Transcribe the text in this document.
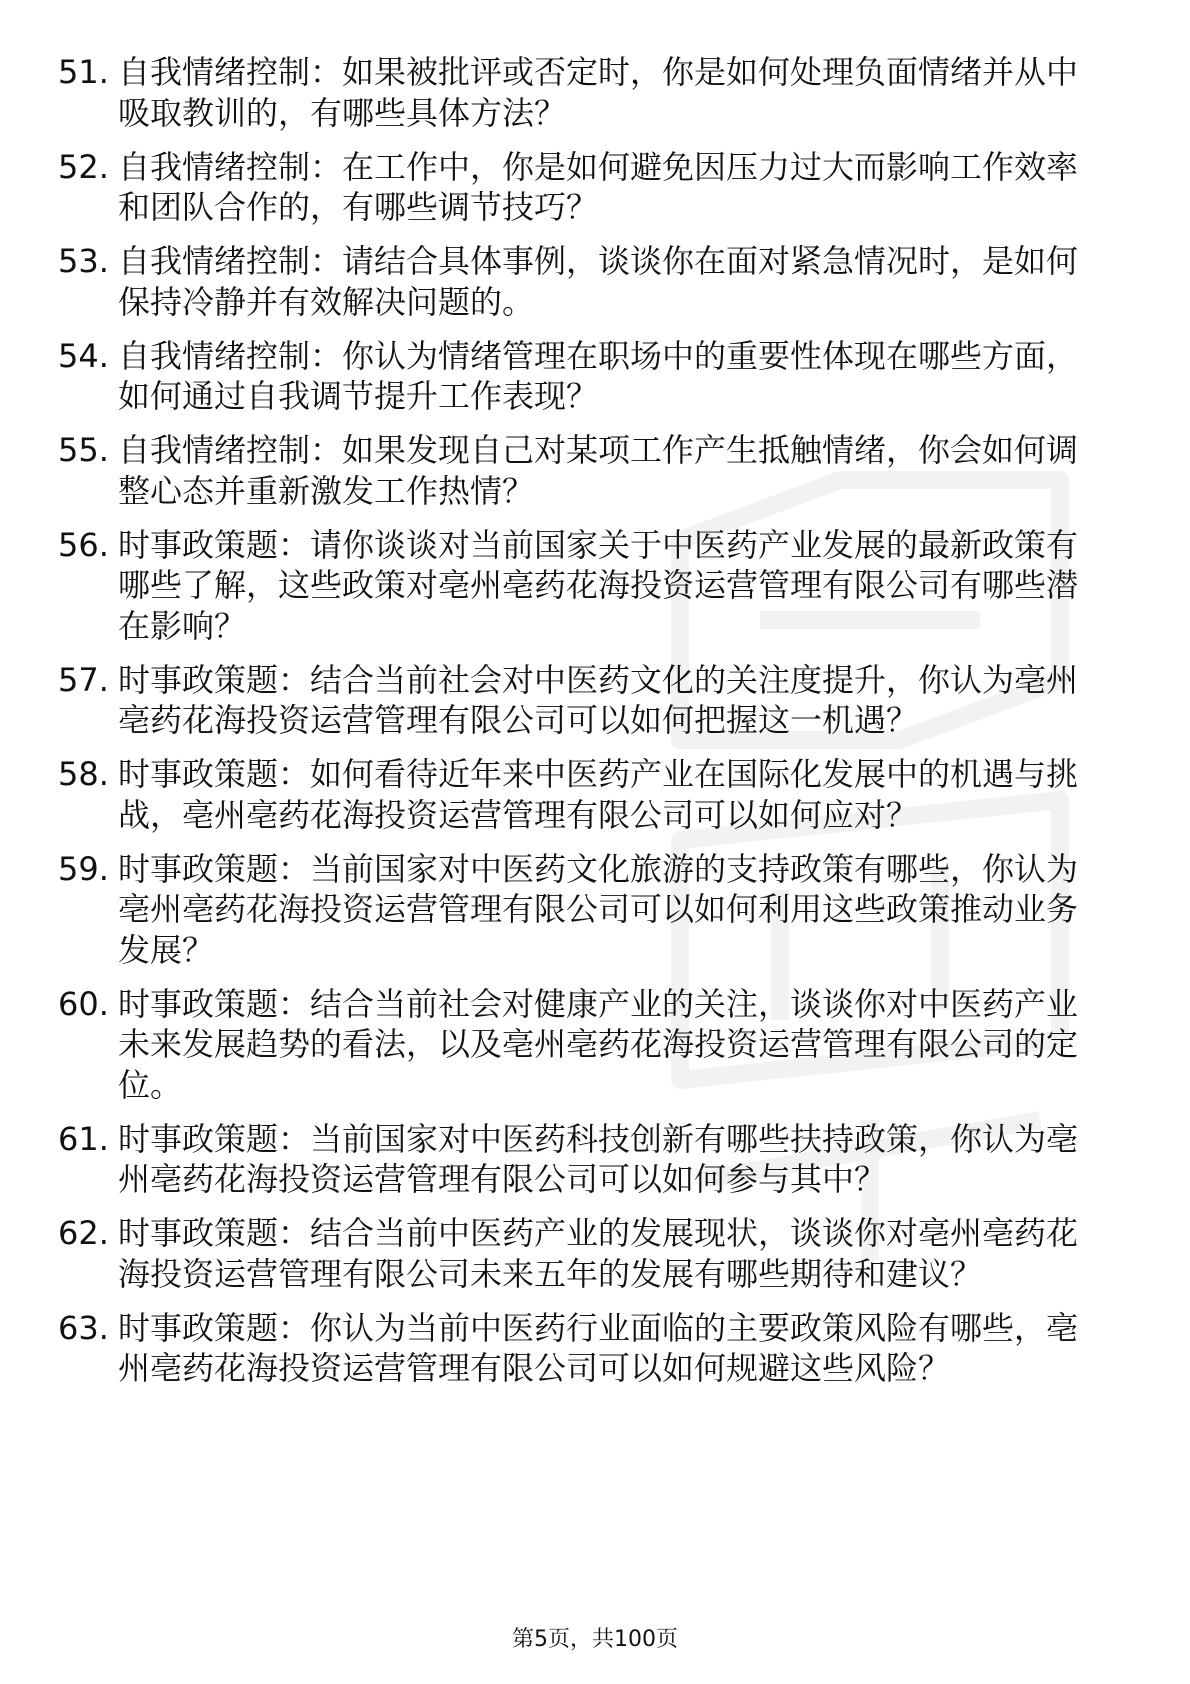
51. 自我情绪控制：如果被批评或否定时，你是如何处理负面情绪并从中吸取教训的，有哪些具体方法？
52. 自我情绪控制：在工作中，你是如何避免因压力过大而影响工作效率和团队合作的，有哪些调节技巧？
53. 自我情绪控制：请结合具体事例，谈谈你在面对紧急情况时，是如何保持冷静并有效解决问题的。
54. 自我情绪控制：你认为情绪管理在职场中的重要性体现在哪些方面，如何通过自我调节提升工作表现？
55. 自我情绪控制：如果发现自己对某项工作产生抵触情绪，你会如何调整心态并重新激发工作热情？
56. 时事政策题：请你谈谈对当前国家关于中医药产业发展的最新政策有哪些了解，这些政策对亳州亳药花海投资运营管理有限公司有哪些潜在影响？
57. 时事政策题：结合当前社会对中医药文化的关注度提升，你认为亳州亳药花海投资运营管理有限公司可以如何把握这一机遇？
58. 时事政策题：如何看待近年来中医药产业在国际化发展中的机遇与挑战，亳州亳药花海投资运营管理有限公司可以如何应对？
59. 时事政策题：当前国家对中医药文化旅游的支持政策有哪些，你认为亳州亳药花海投资运营管理有限公司可以如何利用这些政策推动业务发展？
60. 时事政策题：结合当前社会对健康产业的关注，谈谈你对中医药产业未来发展趋势的看法，以及亳州亳药花海投资运营管理有限公司的定位。
61. 时事政策题：当前国家对中医药科技创新有哪些扶持政策，你认为亳州亳药花海投资运营管理有限公司可以如何参与其中？
62. 时事政策题：结合当前中医药产业的发展现状，谈谈你对亳州亳药花海投资运营管理有限公司未来五年的发展有哪些期待和建议？
63. 时事政策题：你认为当前中医药行业面临的主要政策风险有哪些，亳州亳药花海投资运营管理有限公司可以如何规避这些风险？
第5页，共100页
